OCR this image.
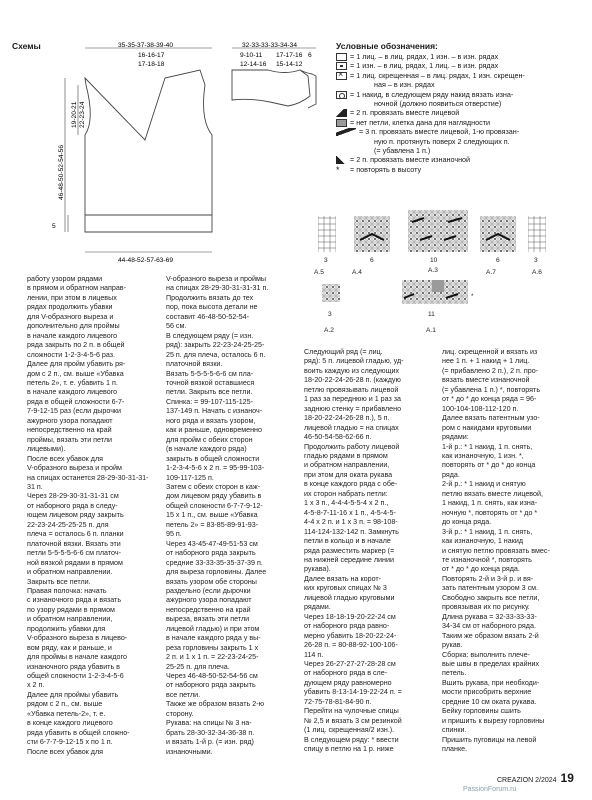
Схемы	35-35-37-38-39-40
16-16-17
17-18-18
32-33-33-33-34-34
9-10-11
12-14-16
17-17-16
15-14-12
6
44-48-52-57-63-69
46-48-50-52-54-56
19-20-21 22-23-24
5
Условные обозначения:
= 1 лиц. – в лиц. рядах, 1 изн. – в изн. рядах
= 1 изн. – в лиц. рядах, 1 лиц. – в изн. рядах
×
= 1 лиц. скрещенная – в лиц. рядах, 1 изн. скрещен-
ная – в изн. рядах
= 1 накид, в следующем ряду накид вязать изна-
ночной (должно появиться отверстие)
= 2 п. провязать вместе лицевой
= нет петли, клетка дана для наглядности
= 3 п. провязать вместе лицевой, 1-ю провязан-
ную п. протянуть поверх 2 следующих п.
(= убавлена 1 п.)
= 2 п. провязать вместе изнаночной
*	= повторять в высоту
3	6	10	6	3
A.5	A.4	A.3	A.7	A.6
3	11
A.2	A.1
*

работу узором рядами

в прямом и обратном направ-

лении, при этом в лицевых

рядах продолжить убавки

для V-образного выреза и

дополнительно для проймы

в начале каждого лицевого

ряда закрыть по 2 п. в общей

сложности 1-2-3-4-5-6 раз.

Далее для пройм убавить ря-

дом с 2 п., см. выше «Убавка

петель 2», т. е. убавить 1 п.

в начале каждого лицевого

ряда в общей сложности 6-7-

7-9-12-15 раз (если дырочки

ажурного узора попадают

непосредственно на край

проймы, вязать эти петли

лицевыми).

После всех убавок для

V-образного выреза и пройм

на спицах останется 28-29-30-31-31-

31 п.

Через 28-29-30-31-31-31 см

от наборного ряда в следу-

ющем лицевом ряду закрыть

22-23-24-25-25-25 п. для

плеча = осталось 6 п. планки

платочной вязки. Вязать эти

петли 5-5-5-5-6-6 см платоч-

ной вязкой рядами в прямом

и обратном направлении.

Закрыть все петли.

Правая полочка: начать

с изнаночного ряда и вязать

по узору рядами в прямом

и обратном направлении,

продолжить убавки для

V-образного выреза в лицево-

вом ряду, как и раньше, и

для проймы в начале каждого

изнаночного ряда убавить в

общей сложности 1-2-3-4-5-6

х 2 п.

Далее для проймы убавить

рядом с 2 п., см. выше

«Убавка петель-2», т. е.

в конце каждого лицевого

ряда убавить в общей сложно-

сти 6-7-7-9-12-15 х по 1 п.

После всех убавок для

V-образного выреза и проймы

на спицах 28-29-30-31-31-31 п.

Продолжить вязать до тех

пор, пока высота детали не

составит 46-48-50-52-54-

56 см.

В следующем ряду (= изн.

ряд): закрыть 22-23-24-25-25-

25 п. для плеча, осталось 6 п.

платочной вязки.

Вязать 5-5-5-5-6-6 см пла-

точной вязкой оставшиеся

петли. Закрыть все петли.

Спинка: = 99-107-115-125-

137-149 п. Начать с изнаноч-

ного ряда и вязать узором,

как и раньше, одновременно

для пройм с обеих сторон

(в начале каждого ряда)

закрыть в общей сложности

1-2-3-4-5-6 х 2 п. = 95-99-103-

109-117-125 п.

Затем с обеих сторон в каж-

дом лицевом ряду убавить в

общей сложности 6-7-7-9-12-

15 х 1 п., см. выше «Убавка

петель 2» = 83-85-89-91-93-

95 п.

Через 43-45-47-49-51-53 см

от наборного ряда закрыть

средние 33-33-35-35-37-39 п.

для выреза горловины. Далее

вязать узором обе стороны

раздельно (если дырочки

ажурного узора попадают

непосредственно на край

выреза, вязать эти петли

лицевой гладью) и при этом

в начале каждого ряда у вы-

реза горловины закрыть 1 х

2 п. и 1 х 1 п. = 22-23-24-25-

25-25 п. для плеча.

Через 46-48-50-52-54-56 см

от наборного ряда закрыть

все петли.

Также же образом вязать 2-ю

сторону.

Рукава: на спицы № 3 на-

брать 28-30-32-34-36-38 п.

и вязать 1-й р. (= изн. ряд)

изнаночными.

Следующий ряд (= лиц.

ряд): 5 п. лицевой гладью, уд-

воить каждую из следующих

18-20-22-24-26-28 п. (каждую

петлю провязывать лицевой

1 раз за переднюю и 1 раз за

заднюю стенку = прибавлено

18-20-22-24-26-28 п.), 5 п.

лицевой гладью = на спицах

46-50-54-58-62-66 п.

Продолжить работу лицевой

гладью рядами в прямом

и обратном направлении,

при этом для оката рукава

в конце каждого ряда с обе-

их сторон набрать петли:

1 х 3 п., 4-4-4-5-5-4 х 2 п.,

4-5-8-7-11-16 х 1 п., 4-5-4-5-

4-4 х 2 п. и 1 х 3 п. = 98-108-

114-124-132-142 п. Замкнуть

петли в кольцо и в начале

ряда разместить маркер (=

на нижней середине линии

рукава).

Далее вязать на корот-

ких круговых спицах № 3

лицевой гладью круговыми

рядами.

Через 18-18-19-20-22-24 см

от наборного ряда равно-

мерно убавить 18-20-22-24-

26-28 п. = 80-88-92-100-106-

114 п.

Через 26-27-27-27-28-28 см

от наборного ряда в сле-

дующем ряду равномерно

убавить 8-13-14-19-22-24 п. =

72-75-78-81-84-90 п.

Перейти на чулочные спицы

№ 2,5 и вязать 3 см резинкой

(1 лиц. скрещенная/2 изн.).

В следующем ряду: * ввести

спицу в петлю на 1 р. ниже

лиц. скрещенной и вязать из

нее 1 п. + 1 накид + 1 лиц.

(= прибавлено 2 п.), 2 п. про-

вязать вместе изнаночной

(= убавлена 1 п.) *, повторять

от * до * до конца ряда = 96-

100-104-108-112-120 п.

Далее вязать патентным узо-

ром с накидами круговыми

рядами:

1-й р.: * 1 накид, 1 п. снять,

как изнаночную, 1 изн. *,

повторять от * до * до конца

ряда.

2-й р.: * 1 накид и снятую

петлю вязать вместе лицевой,

1 накид, 1 п. снять, как изна-

ночную *, повторять от * до *

до конца ряда.

3-й р.: * 1 накид, 1 п. снять,

как изнаночную, 1 накид

и снятую петлю провязать вмес-

те изнаночной *, повторять

от * до * до конца ряда.

Повторять 2-й и 3-й р. и вя-

зать патентным узором 3 см.

Свободно закрыть все петли,

провязывая их по рисунку.

Длина рукава = 32-33-33-33-

34-34 см от наборного ряда.

Таким же образом вязать 2-й

рукав.

Сборка: выполнить плече-

вые швы в пределах крайних

петель.

Вшить рукава, при необходи-

мости присобрить верхние

средние 10 см оката рукава.

Бейку горловины сшить

и пришить к вырезу горловины

спинки.

Пришить пуговицы на левой

планке.

CREAZION 2/2024 19
PassionForum.ru
